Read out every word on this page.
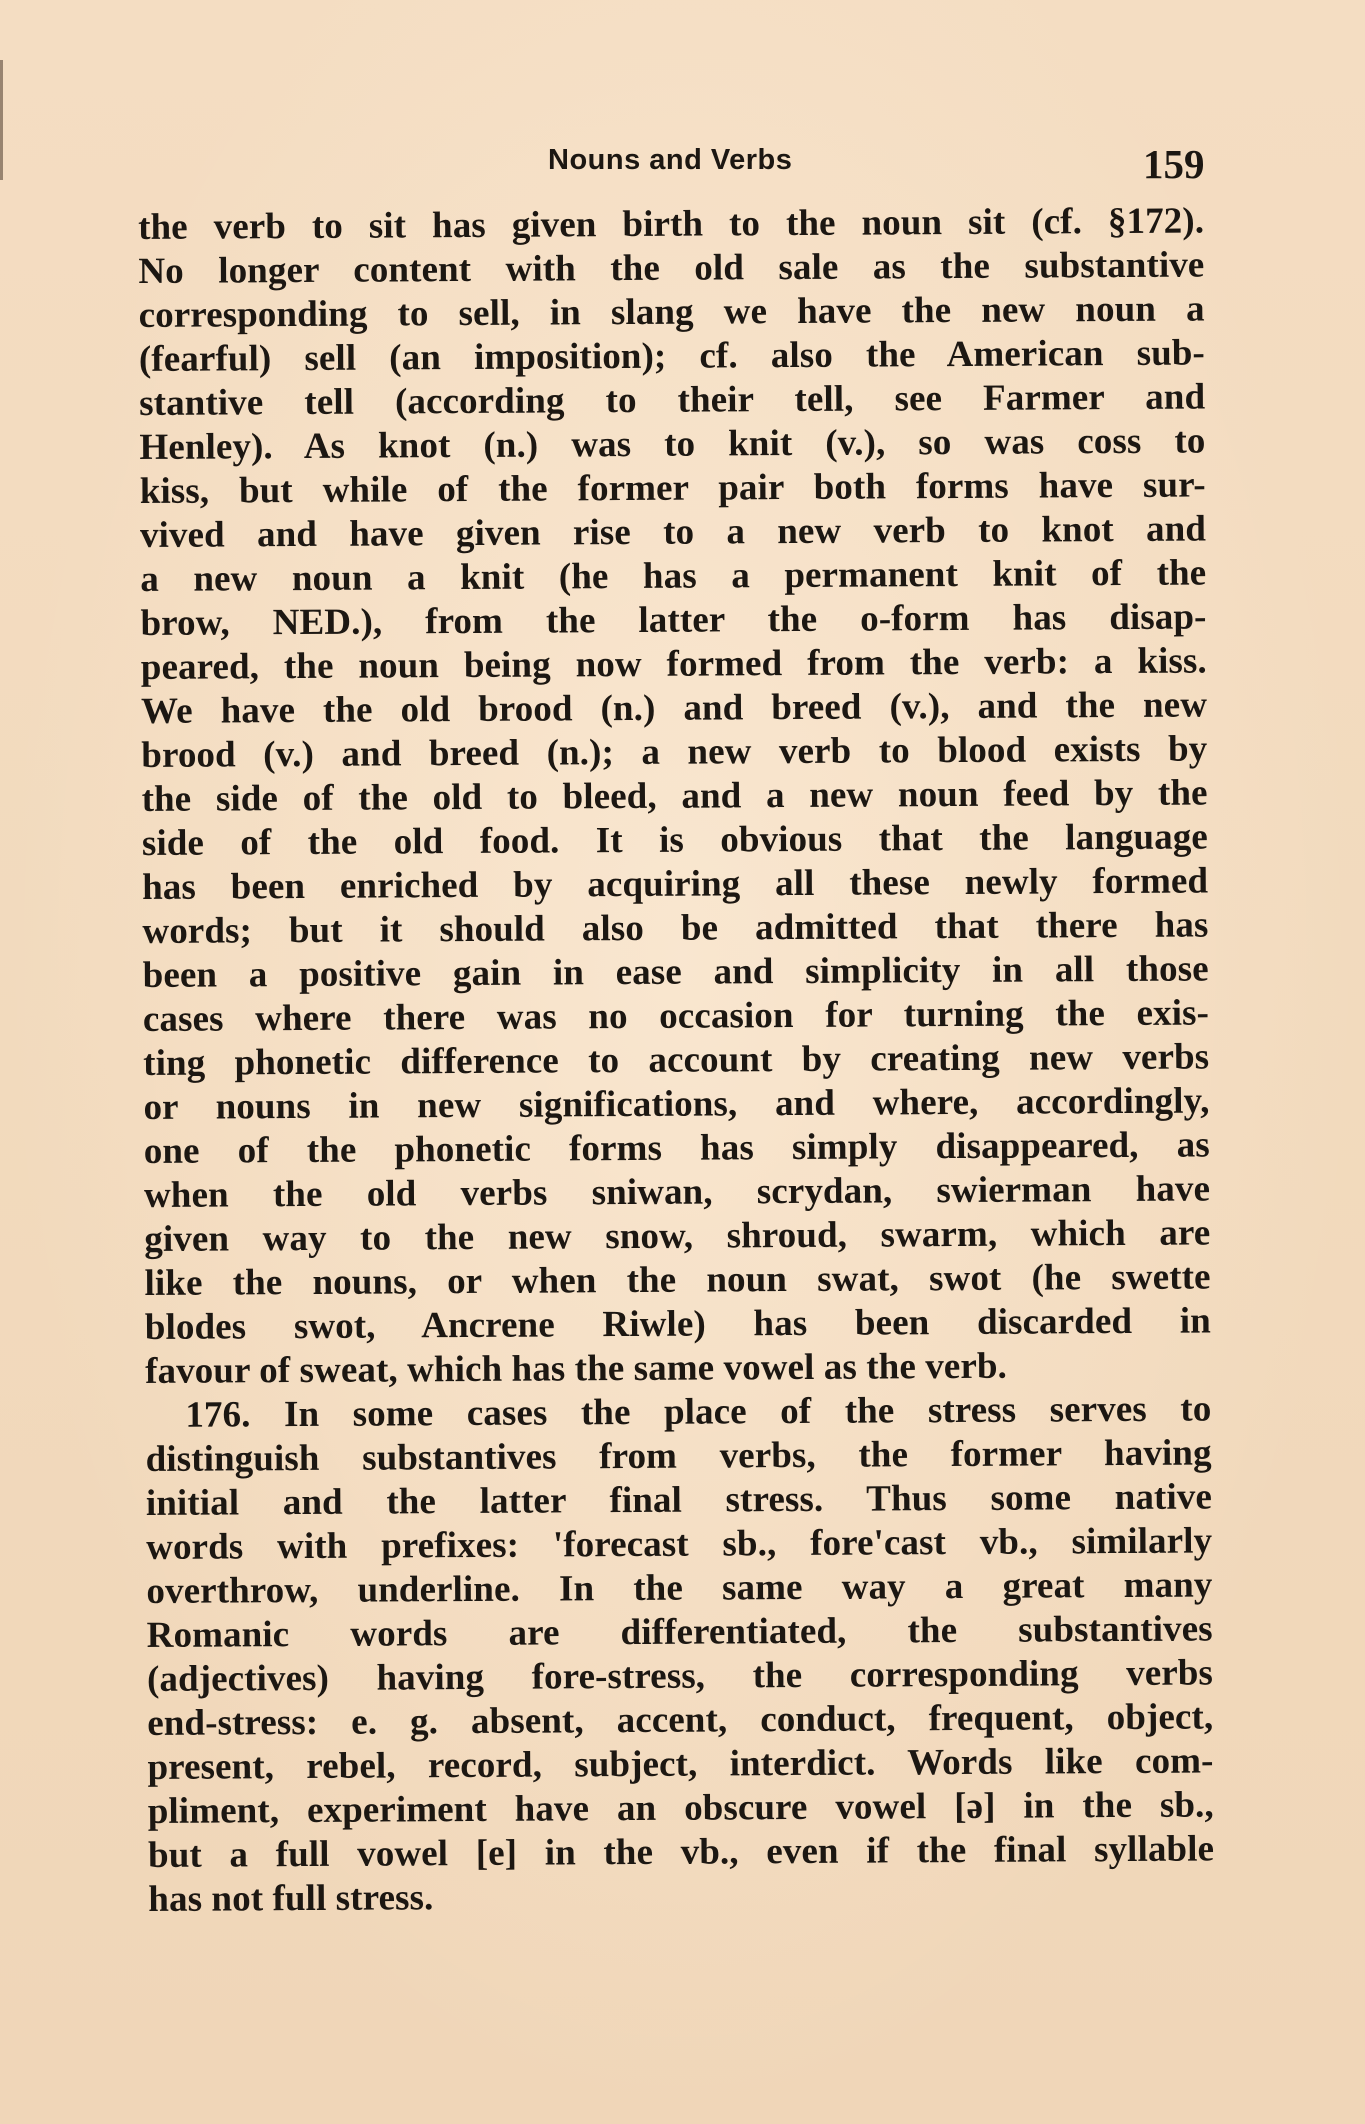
Nouns and Verbs	159
the verb to sit has given birth to the noun sit (cf. §172).
No longer content with the old sale as the substantive
corresponding to sell, in slang we have the new noun a
(fearful) sell (an imposition); cf. also the American sub-
stantive tell (according to their tell, see Farmer and
Henley). As knot (n.) was to knit (v.), so was coss to
kiss, but while of the former pair both forms have sur-
vived and have given rise to a new verb to knot and
a new noun a knit (he has a permanent knit of the
brow, NED.), from the latter the o-form has disap-
peared, the noun being now formed from the verb: a kiss.
We have the old brood (n.) and breed (v.), and the new
brood (v.) and breed (n.); a new verb to blood exists by
the side of the old to bleed, and a new noun feed by the
side of the old food. It is obvious that the language
has been enriched by acquiring all these newly formed
words; but it should also be admitted that there has
been a positive gain in ease and simplicity in all those
cases where there was no occasion for turning the exis-
ting phonetic difference to account by creating new verbs
or nouns in new significations, and where, accordingly,
one of the phonetic forms has simply disappeared, as
when the old verbs sniwan, scrydan, swierman have
given way to the new snow, shroud, swarm, which are
like the nouns, or when the noun swat, swot (he swette
blodes swot, Ancrene Riwle) has been discarded in
favour of sweat, which has the same vowel as the verb.
176. In some cases the place of the stress serves to
distinguish substantives from verbs, the former having
initial and the latter final stress. Thus some native
words with prefixes: 'forecast sb., fore'cast vb., similarly
overthrow, underline. In the same way a great many
Romanic words are differentiated, the substantives
(adjectives) having fore-stress, the corresponding verbs
end-stress: e. g. absent, accent, conduct, frequent, object,
present, rebel, record, subject, interdict. Words like com-
pliment, experiment have an obscure vowel [ə] in the sb.,
but a full vowel [e] in the vb., even if the final syllable
has not full stress.
